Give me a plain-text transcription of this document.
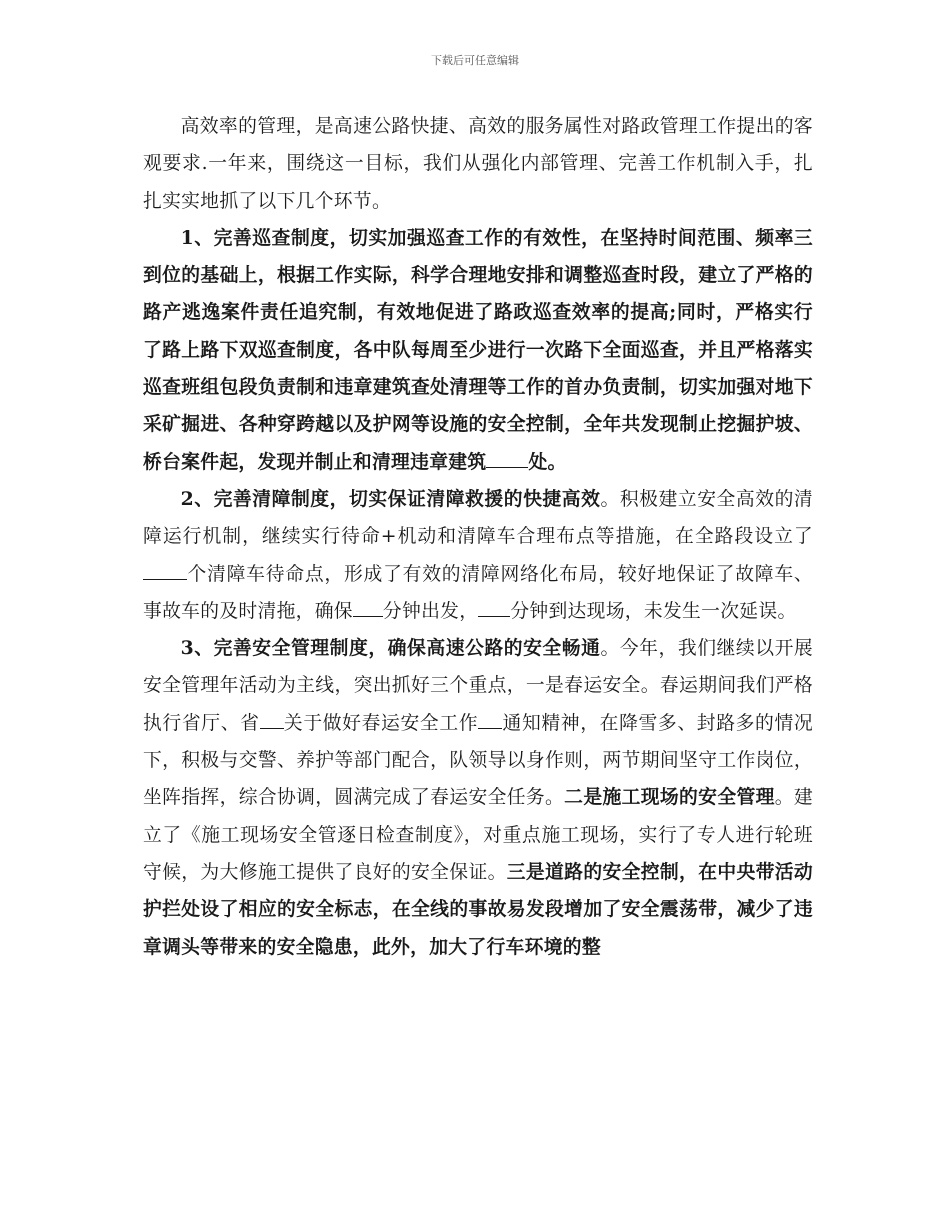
下载后可任意编辑

高效率的管理，是高速公路快捷、高效的服务属性对路政管理工作提出的客观要求.一年来，围绕这一目标，我们从强化内部管理、完善工作机制入手，扎扎实实地抓了以下几个环节。

1、完善巡查制度，切实加强巡查工作的有效性，在坚持时间范围、频率三到位的基础上，根据工作实际，科学合理地安排和调整巡查时段，建立了严格的路产逃逸案件责任追究制，有效地促进了路政巡查效率的提高;同时，严格实行了路上路下双巡查制度，各中队每周至少进行一次路下全面巡查，并且严格落实巡查班组包段负责制和违章建筑查处清理等工作的首办负责制，切实加强对地下采矿掘进、各种穿跨越以及护网等设施的安全控制，全年共发现制止挖掘护坡、桥台案件起，发现并制止和清理违章建筑 处。

2、完善清障制度，切实保证清障救援的快捷高效。积极建立安全高效的清障运行机制，继续实行待命+机动和清障车合理布点等措施，在全路段设立了个清障车待命点，形成了有效的清障网络化布局，较好地保证了故障车、事故车的及时清拖，确保 分钟出发， 分钟到达现场，未发生一次延误。

3、完善安全管理制度，确保高速公路的安全畅通。今年，我们继续以开展安全管理年活动为主线，突出抓好三个重点，一是春运安全。春运期间我们严格执行省厅、省 关于做好春运安全工作 通知精神，在降雪多、封路多的情况下，积极与交警、养护等部门配合，队领导以身作则，两节期间坚守工作岗位，坐阵指挥，综合协调，圆满完成了春运安全任务。二是施工现场的安全管理。建立了《施工现场安全管逐日检查制度》，对重点施工现场，实行了专人进行轮班守候，为大修施工提供了良好的安全保证。三是道路的安全控制，在中央带活动护拦处设了相应的安全标志，在全线的事故易发段增加了安全震荡带，减少了违章调头等带来的安全隐患，此外，加大了行车环境的整
